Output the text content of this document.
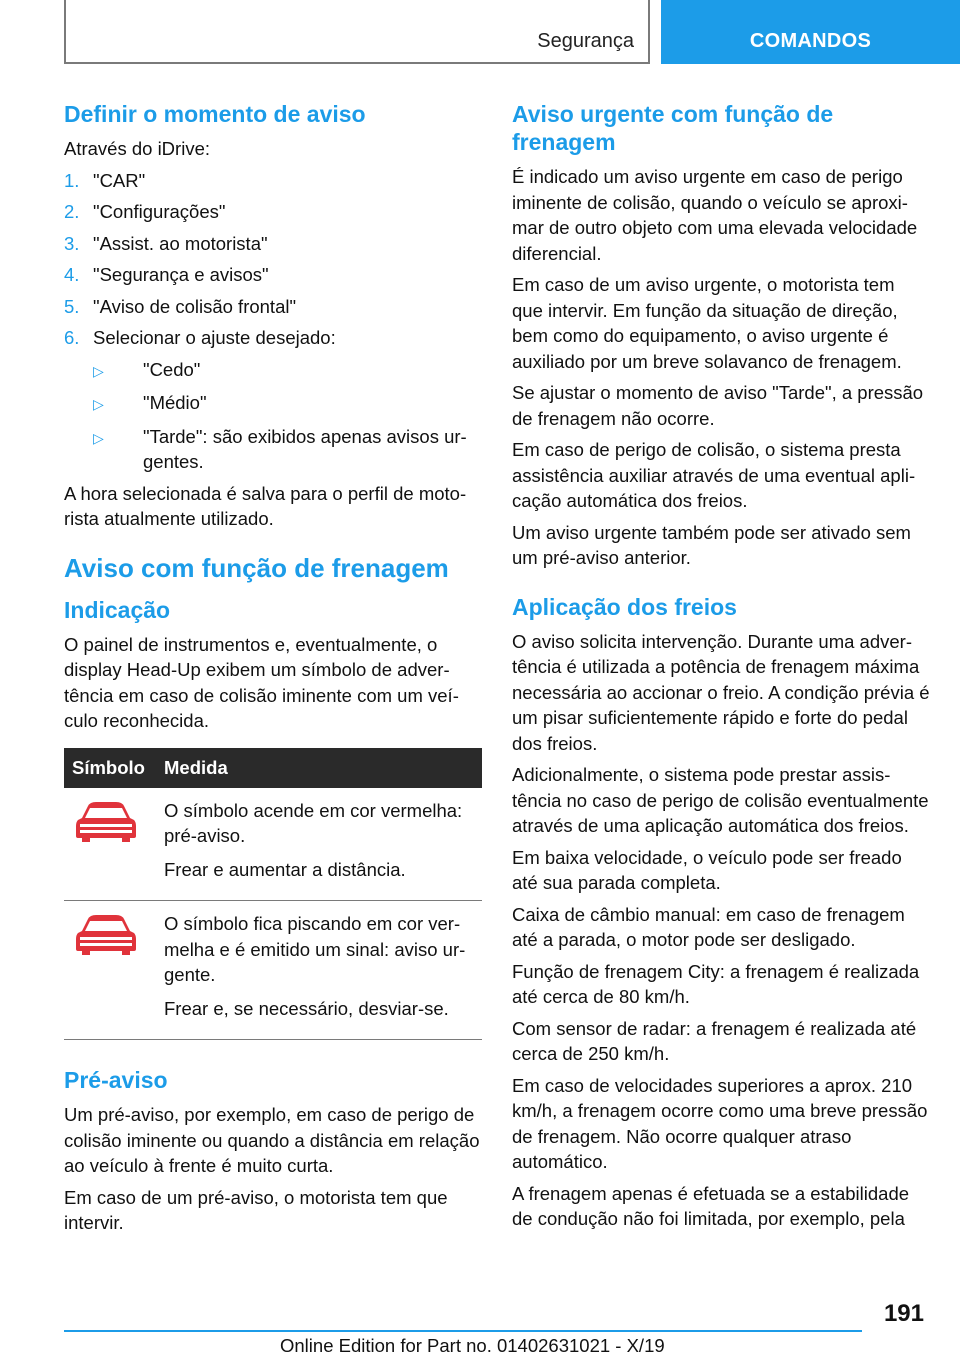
Segurança	COMANDOS
Definir o momento de aviso

Através do iDrive:

1. "CAR"
2. "Configurações"
3. "Assist. ao motorista"
4. "Segurança e avisos"
5. "Aviso de colisão frontal"
6. Selecionar o ajuste desejado:
▷	"Cedo"
▷	"Médio"
▷	"Tarde": são exibidos apenas avisos urgentes.

A hora selecionada é salva para o perfil de motorista atualmente utilizado.

Aviso com função de frenagem
Indicação

O painel de instrumentos e, eventualmente, o display Head-Up exibem um símbolo de advertência em caso de colisão iminente com um veículo reconhecida.

Símbolo	Medida

O símbolo acende em cor vermelha: pré-aviso.

Frear e aumentar a distância.

O símbolo fica piscando em cor vermelha e é emitido um sinal: aviso urgente.

Frear e, se necessário, desviar-se.

Pré-aviso

Um pré-aviso, por exemplo, em caso de perigo de colisão iminente ou quando a distância em relação ao veículo à frente é muito curta.

Em caso de um pré-aviso, o motorista tem que intervir.

Aviso urgente com função de frenagem

É indicado um aviso urgente em caso de perigo iminente de colisão, quando o veículo se aproximar de outro objeto com uma elevada velocidade diferencial.

Em caso de um aviso urgente, o motorista tem que intervir. Em função da situação de direção, bem como do equipamento, o aviso urgente é auxiliado por um breve solavanco de frenagem.

Se ajustar o momento de aviso "Tarde", a pressão de frenagem não ocorre.

Em caso de perigo de colisão, o sistema presta assistência auxiliar através de uma eventual aplicação automática dos freios.

Um aviso urgente também pode ser ativado sem um pré-aviso anterior.

Aplicação dos freios

O aviso solicita intervenção. Durante uma advertência é utilizada a potência de frenagem máxima necessária ao accionar o freio. A condição prévia é um pisar suficientemente rápido e forte do pedal dos freios.

Adicionalmente, o sistema pode prestar assistência no caso de perigo de colisão eventualmente através de uma aplicação automática dos freios.

Em baixa velocidade, o veículo pode ser freado até sua parada completa.

Caixa de câmbio manual: em caso de frenagem até a parada, o motor pode ser desligado.

Função de frenagem City: a frenagem é realizada até cerca de 80 km/h.

Com sensor de radar: a frenagem é realizada até cerca de 250 km/h.

Em caso de velocidades superiores a aprox. 210 km/h, a frenagem ocorre como uma breve pressão de frenagem. Não ocorre qualquer atraso automático.

A frenagem apenas é efetuada se a estabilidade de condução não foi limitada, por exemplo, pela

191
Online Edition for Part no. 01402631021 - X/19
